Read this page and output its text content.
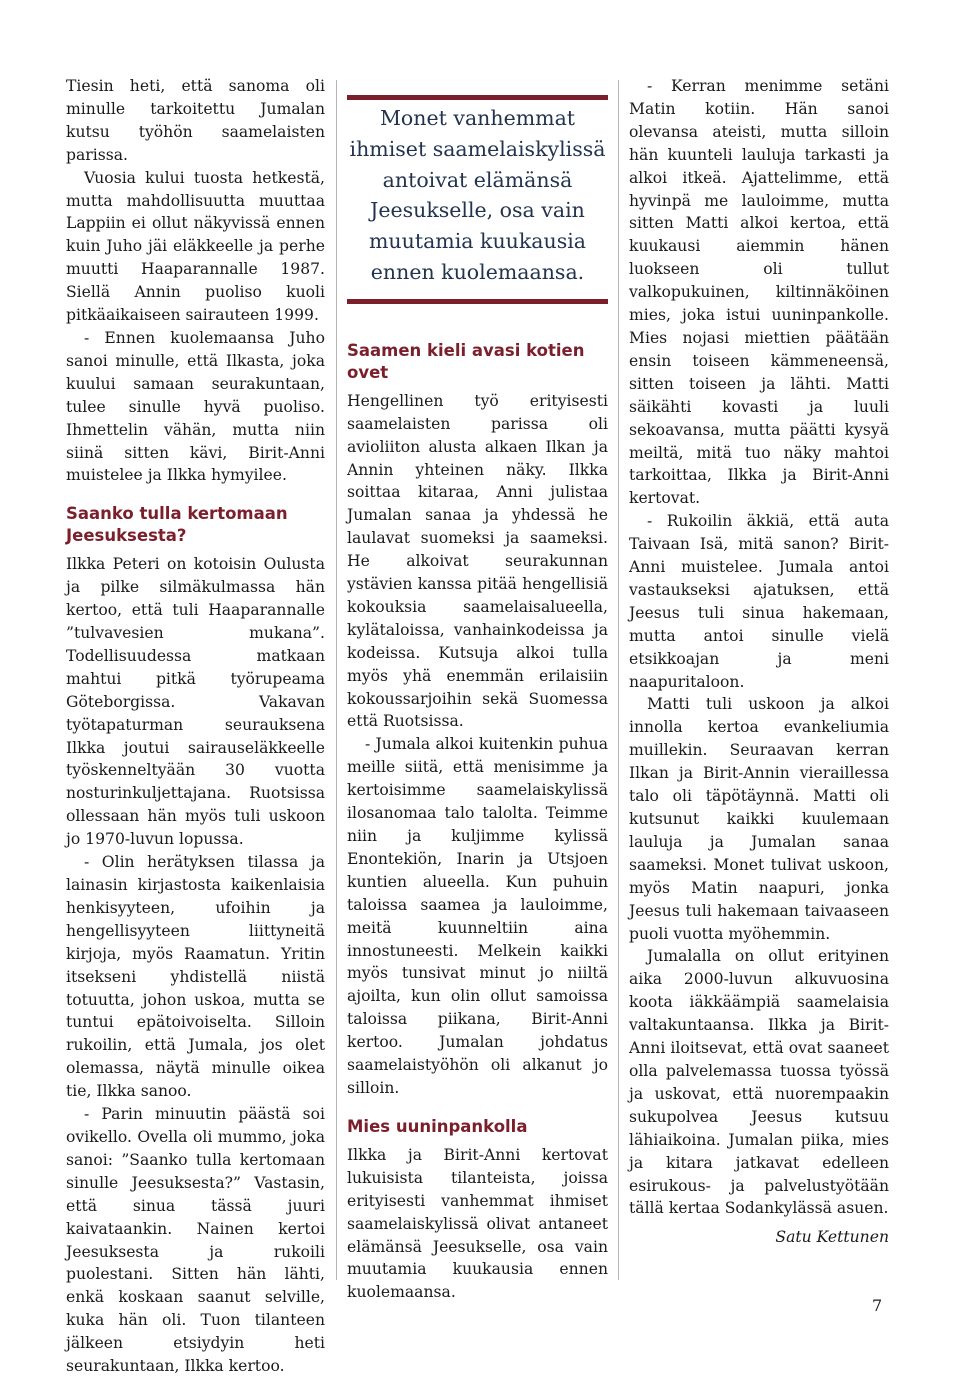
Tiesin heti, että sanoma oli minulle tarkoitettu Jumalan kutsu työhön saamelaisten parissa.

Vuosia kului tuosta hetkestä, mutta mahdollisuutta muuttaa Lappiin ei ollut näkyvissä ennen kuin Juho jäi eläkkeelle ja perhe muutti Haaparannalle 1987. Siellä Annin puoliso kuoli pitkäaikaiseen sairauteen 1999.

- Ennen kuolemaansa Juho sanoi minulle, että Ilkasta, joka kuului samaan seurakuntaan, tulee sinulle hyvä puoliso. Ihmettelin vähän, mutta niin siinä sitten kävi, Birit-Anni muistelee ja Ilkka hymyilee.

Saanko tulla kertomaan Jeesuksesta?

Ilkka Peteri on kotoisin Oulusta ja pilke silmäkulmassa hän kertoo, että tuli Haaparannalle ”tulvavesien mukana”. Todellisuudessa matkaan mahtui pitkä työrupeama Göteborgissa. Vakavan työtapaturman seurauksena Ilkka joutui sairauseläkkeelle työskenneltyään 30 vuotta nosturinkuljettajana. Ruotsissa ollessaan hän myös tuli uskoon jo 1970-luvun lopussa.

- Olin herätyksen tilassa ja lainasin kirjastosta kaikenlaisia henkisyyteen, ufoihin ja hengellisyyteen liittyneitä kirjoja, myös Raamatun. Yritin itsekseni yhdistellä niistä totuutta, johon uskoa, mutta se tuntui epätoivoiselta. Silloin rukoilin, että Jumala, jos olet olemassa, näytä minulle oikea tie, Ilkka sanoo.

- Parin minuutin päästä soi ovikello. Ovella oli mummo, joka sanoi: ”Saanko tulla kertomaan sinulle Jeesuksesta?” Vastasin, että sinua tässä juuri kaivataankin. Nainen kertoi Jeesuksesta ja rukoili puolestani. Sitten hän lähti, enkä koskaan saanut selville, kuka hän oli. Tuon tilanteen jälkeen etsiydyin heti seurakuntaan, Ilkka kertoo.

Monet vanhemmat ihmiset saamelaiskylissä antoivat elämänsä Jeesukselle, osa vain muutamia kuukausia ennen kuolemaansa.

Saamen kieli avasi kotien ovet

Hengellinen työ erityisesti saamelaisten parissa oli avioliiton alusta alkaen Ilkan ja Annin yhteinen näky. Ilkka soittaa kitaraa, Anni julistaa Jumalan sanaa ja yhdessä he laulavat suomeksi ja saameksi. He alkoivat seurakunnan ystävien kanssa pitää hengellisiä kokouksia saamelaisalueella, kylätaloissa, vanhainkodeissa ja kodeissa. Kutsuja alkoi tulla myös yhä enemmän erilaisiin kokoussarjoihin sekä Suomessa että Ruotsissa.

- Jumala alkoi kuitenkin puhua meille siitä, että menisimme ja kertoisimme saamelaiskylissä ilosanomaa talo talolta. Teimme niin ja kuljimme kylissä Enontekiön, Inarin ja Utsjoen kuntien alueella. Kun puhuin taloissa saamea ja lauloimme, meitä kuunneltiin aina innostuneesti. Melkein kaikki myös tunsivat minut jo niiltä ajoilta, kun olin ollut samoissa taloissa piikana, Birit-Anni kertoo. Jumalan johdatus saamelaistyöhön oli alkanut jo silloin.

Mies uuninpankolla

Ilkka ja Birit-Anni kertovat lukuisista tilanteista, joissa erityisesti vanhemmat ihmiset saamelaiskylissä olivat antaneet elämänsä Jeesukselle, osa vain muutamia kuukausia ennen kuolemaansa.

- Kerran menimme setäni Matin kotiin. Hän sanoi olevansa ateisti, mutta silloin hän kuunteli lauluja tarkasti ja alkoi itkeä. Ajattelimme, että hyvinpä me lauloimme, mutta sitten Matti alkoi kertoa, että kuukausi aiemmin hänen luokseen oli tullut valkopukuinen, kiltinnäköinen mies, joka istui uuninpankolle. Mies nojasi miettien päätään ensin toiseen kämmeneensä, sitten toiseen ja lähti. Matti säikähti kovasti ja luuli sekoavansa, mutta päätti kysyä meiltä, mitä tuo näky mahtoi tarkoittaa, Ilkka ja Birit-Anni kertovat.

- Rukoilin äkkiä, että auta Taivaan Isä, mitä sanon? Birit-Anni muistelee. Jumala antoi vastaukseksi ajatuksen, että Jeesus tuli sinua hakemaan, mutta antoi sinulle vielä etsikkoajan ja meni naapuritaloon.

Matti tuli uskoon ja alkoi innolla kertoa evankeliumia muillekin. Seuraavan kerran Ilkan ja Birit-Annin vieraillessa talo oli täpötäynnä. Matti oli kutsunut kaikki kuulemaan lauluja ja Jumalan sanaa saameksi. Monet tulivat uskoon, myös Matin naapuri, jonka Jeesus tuli hakemaan taivaaseen puoli vuotta myöhemmin.

Jumalalla on ollut erityinen aika 2000-luvun alkuvuosina koota iäkkäämpiä saamelaisia valtakuntaansa. Ilkka ja Birit-Anni iloitsevat, että ovat saaneet olla palvelemassa tuossa työssä ja uskovat, että nuorempaakin sukupolvea Jeesus kutsuu lähiaikoina. Jumalan piika, mies ja kitara jatkavat edelleen esirukous- ja palvelustyötään tällä kertaa Sodankylässä asuen.

Satu Kettunen

7
